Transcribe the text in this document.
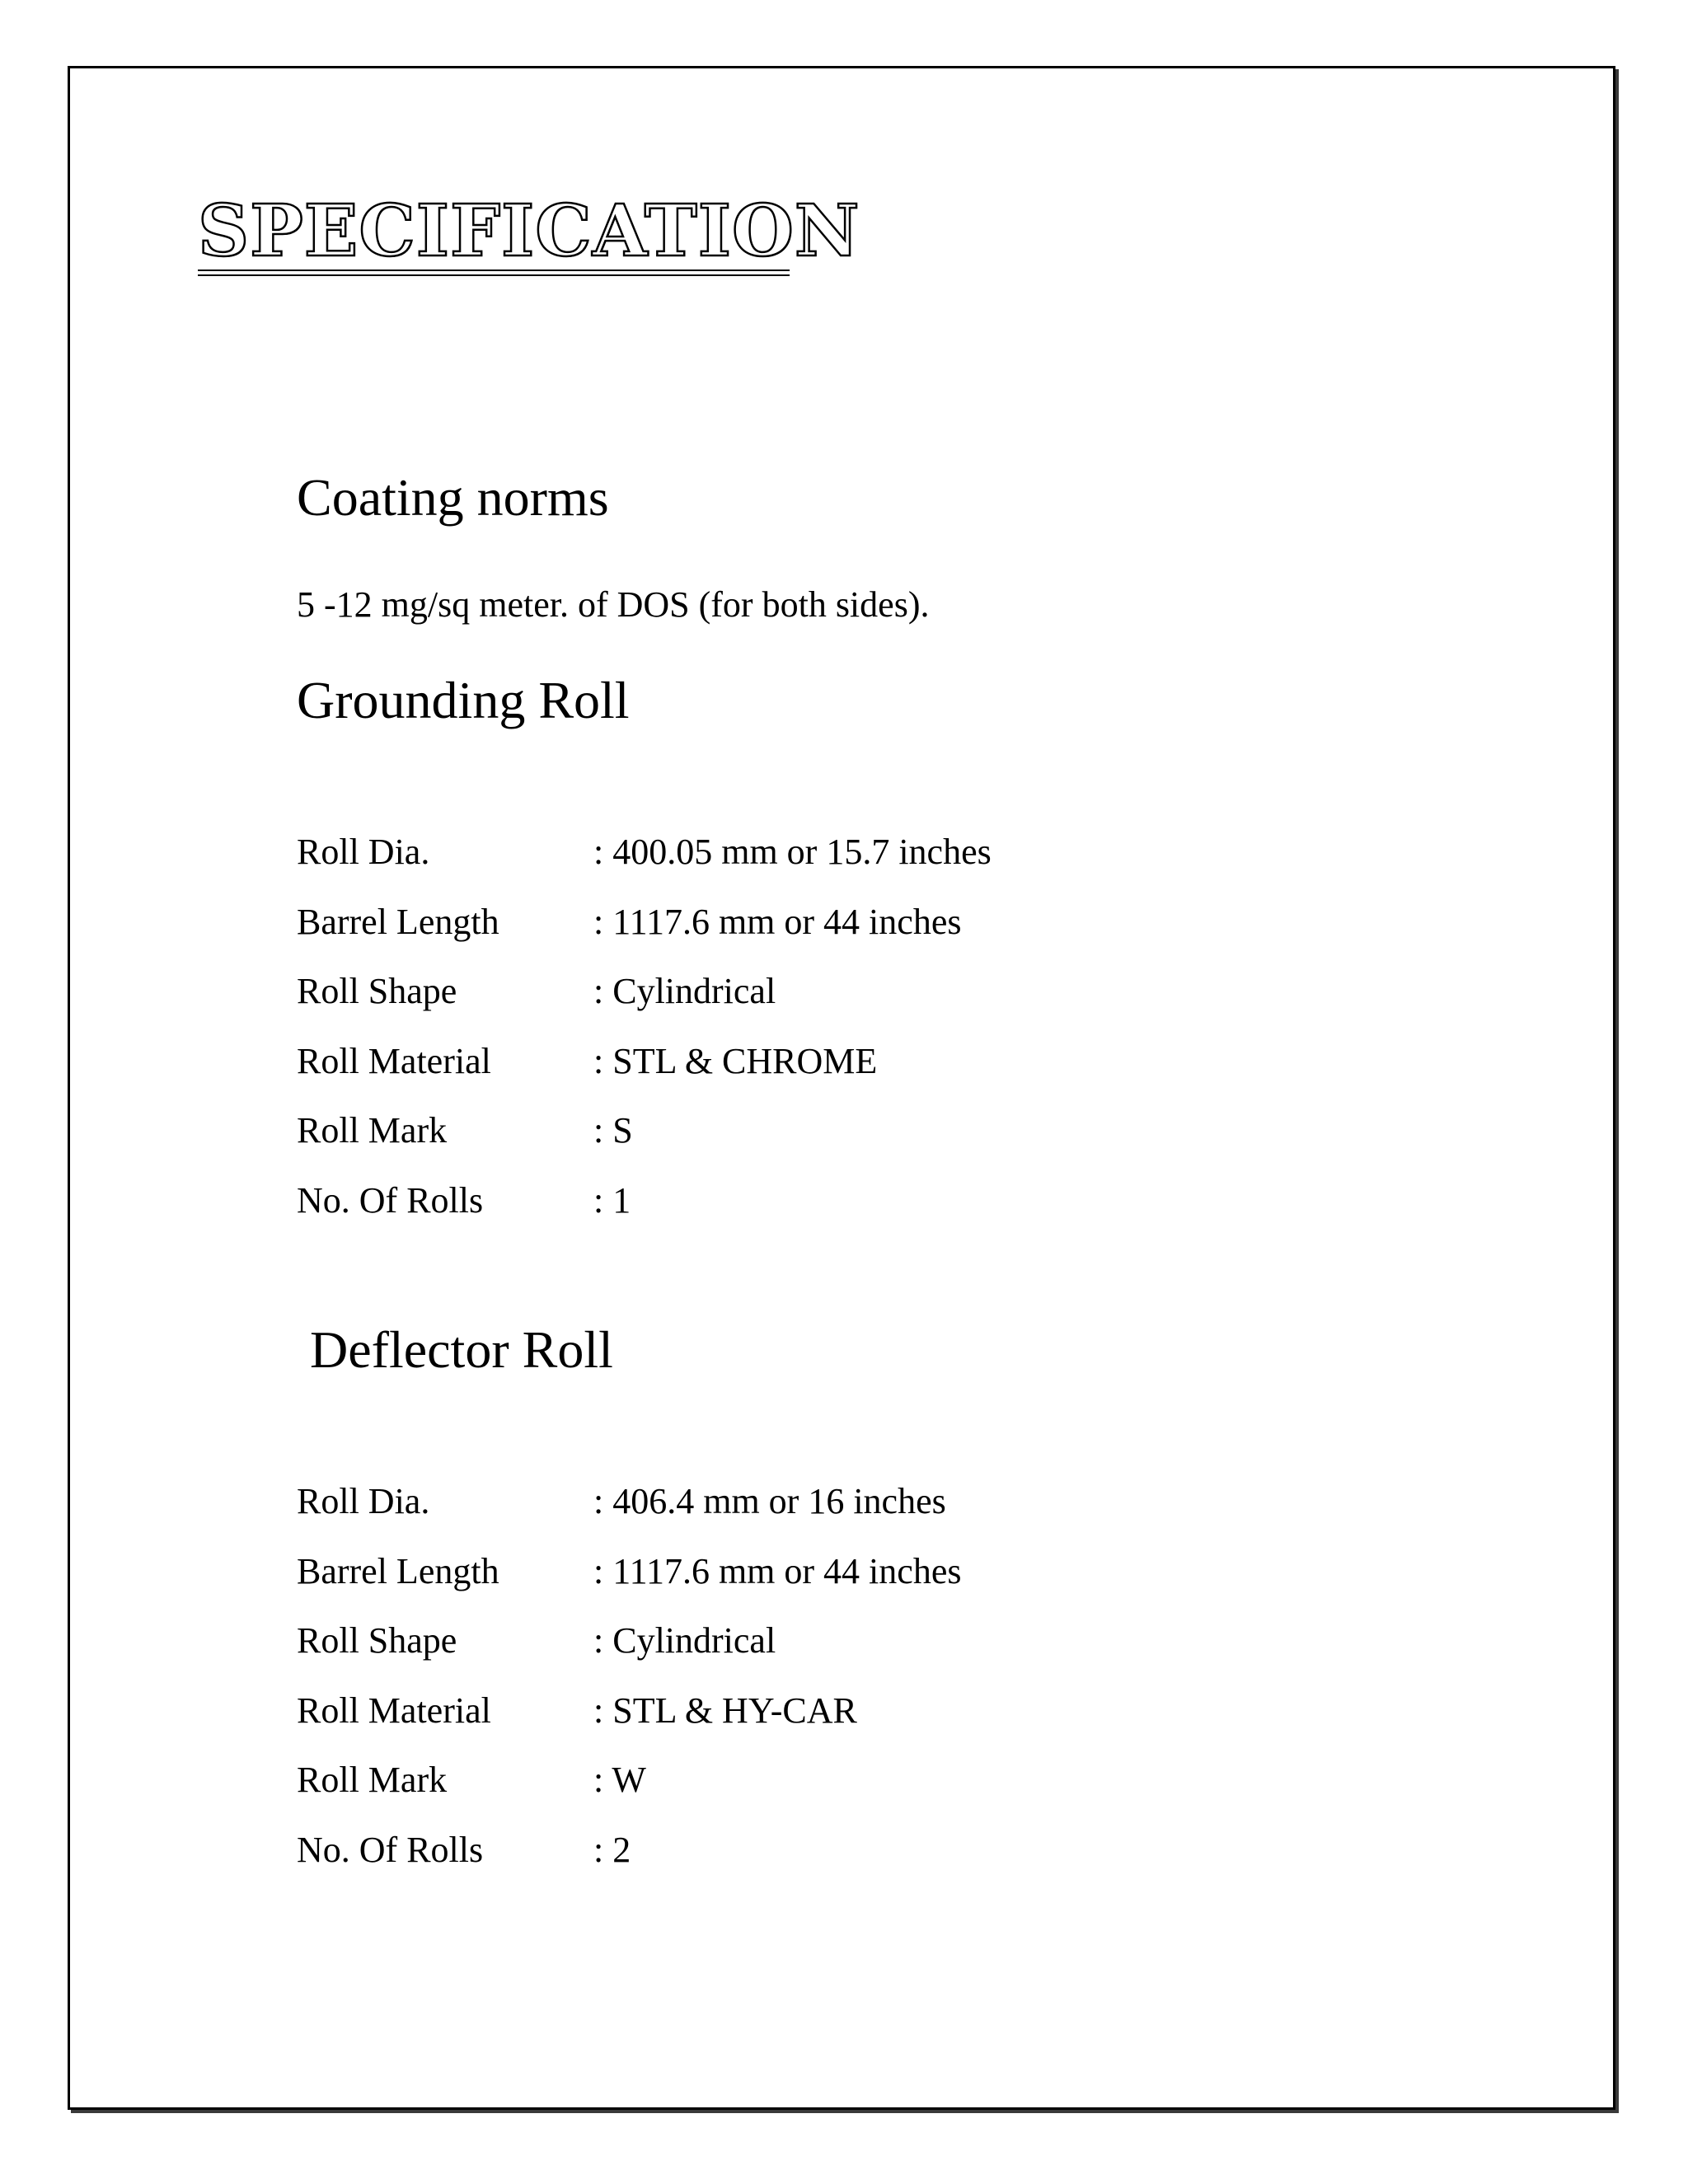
SPECIFICATION
Coating norms

5 -12 mg/sq meter. of DOS (for both sides).

Grounding Roll
Roll Dia.	: 400.05 mm or 15.7 inches
Barrel Length	: 1117.6 mm or 44 inches
Roll Shape	: Cylindrical
Roll Material	: STL & CHROME
Roll Mark	: S
No. Of Rolls	: 1
Deflector Roll
Roll Dia.	: 406.4 mm or 16 inches
Barrel Length	: 1117.6 mm or 44 inches
Roll Shape	: Cylindrical
Roll Material	: STL & HY-CAR
Roll Mark	: W
No. Of Rolls	: 2
